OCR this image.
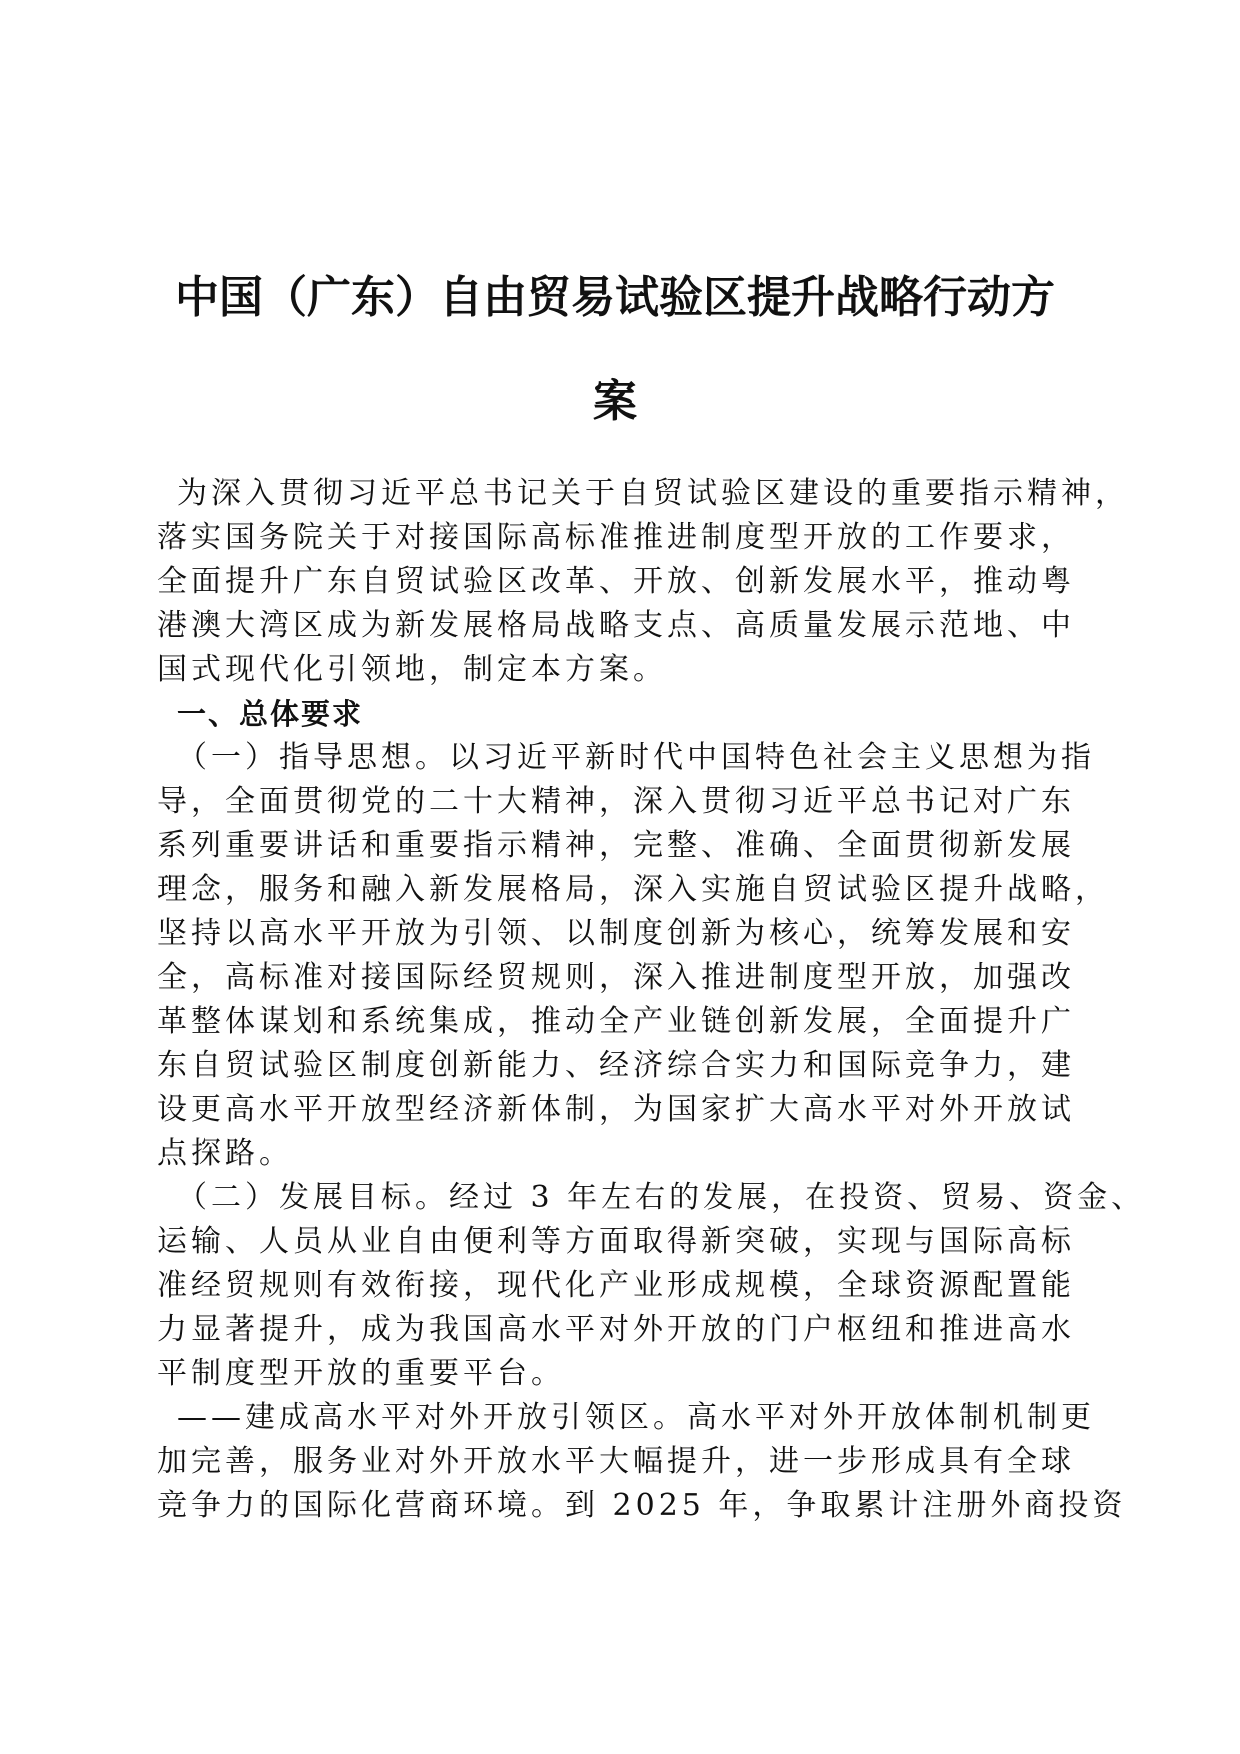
中国（广东）自由贸易试验区提升战略行动方
案
为深入贯彻习近平总书记关于自贸试验区建设的重要指示精神，
落实国务院关于对接国际高标准推进制度型开放的工作要求，
全面提升广东自贸试验区改革、开放、创新发展水平，推动粤
港澳大湾区成为新发展格局战略支点、高质量发展示范地、中
国式现代化引领地，制定本方案。
一、总体要求
（一）指导思想。以习近平新时代中国特色社会主义思想为指
导，全面贯彻党的二十大精神，深入贯彻习近平总书记对广东
系列重要讲话和重要指示精神，完整、准确、全面贯彻新发展
理念，服务和融入新发展格局，深入实施自贸试验区提升战略，
坚持以高水平开放为引领、以制度创新为核心，统筹发展和安
全，高标准对接国际经贸规则，深入推进制度型开放，加强改
革整体谋划和系统集成，推动全产业链创新发展，全面提升广
东自贸试验区制度创新能力、经济综合实力和国际竞争力，建
设更高水平开放型经济新体制，为国家扩大高水平对外开放试
点探路。
（二）发展目标。经过 3 年左右的发展，在投资、贸易、资金、
运输、人员从业自由便利等方面取得新突破，实现与国际高标
准经贸规则有效衔接，现代化产业形成规模，全球资源配置能
力显著提升，成为我国高水平对外开放的门户枢纽和推进高水
平制度型开放的重要平台。
——建成高水平对外开放引领区。高水平对外开放体制机制更
加完善，服务业对外开放水平大幅提升，进一步形成具有全球
竞争力的国际化营商环境。到 2025 年，争取累计注册外商投资
